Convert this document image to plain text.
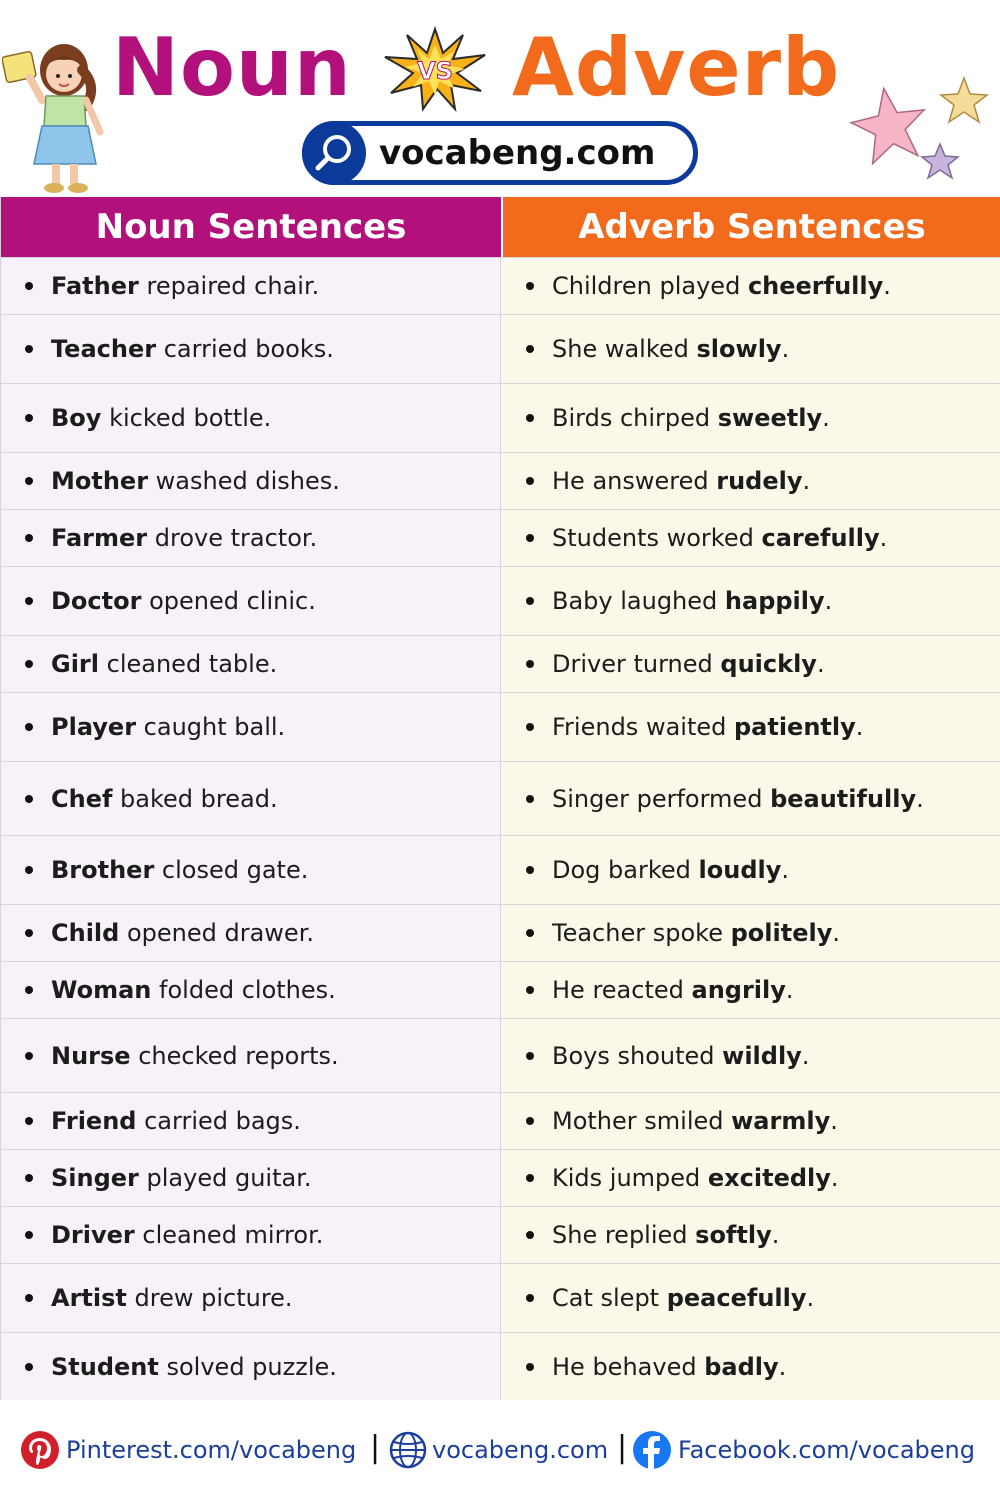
Noun	VS Adverb
vocabeng.com
Noun Sentences	Adverb Sentences
Father repaired chair.	Children played cheerfully.
Teacher carried books.	She walked slowly.
Boy kicked bottle.	Birds chirped sweetly.
Mother washed dishes.	He answered rudely.
Farmer drove tractor.	Students worked carefully.
Doctor opened clinic.	Baby laughed happily.
Girl cleaned table.	Driver turned quickly.
Player caught ball.	Friends waited patiently.
Chef baked bread.	Singer performed beautifully.
Brother closed gate.	Dog barked loudly.
Child opened drawer.	Teacher spoke politely.
Woman folded clothes.	He reacted angrily.
Nurse checked reports.	Boys shouted wildly.
Friend carried bags.	Mother smiled warmly.
Singer played guitar.	Kids jumped excitedly.
Driver cleaned mirror.	She replied softly.
Artist drew picture.	Cat slept peacefully.
Student solved puzzle.	He behaved badly.
Pinterest.com/vocabeng | vocabeng.com | Facebook.com/vocabeng
